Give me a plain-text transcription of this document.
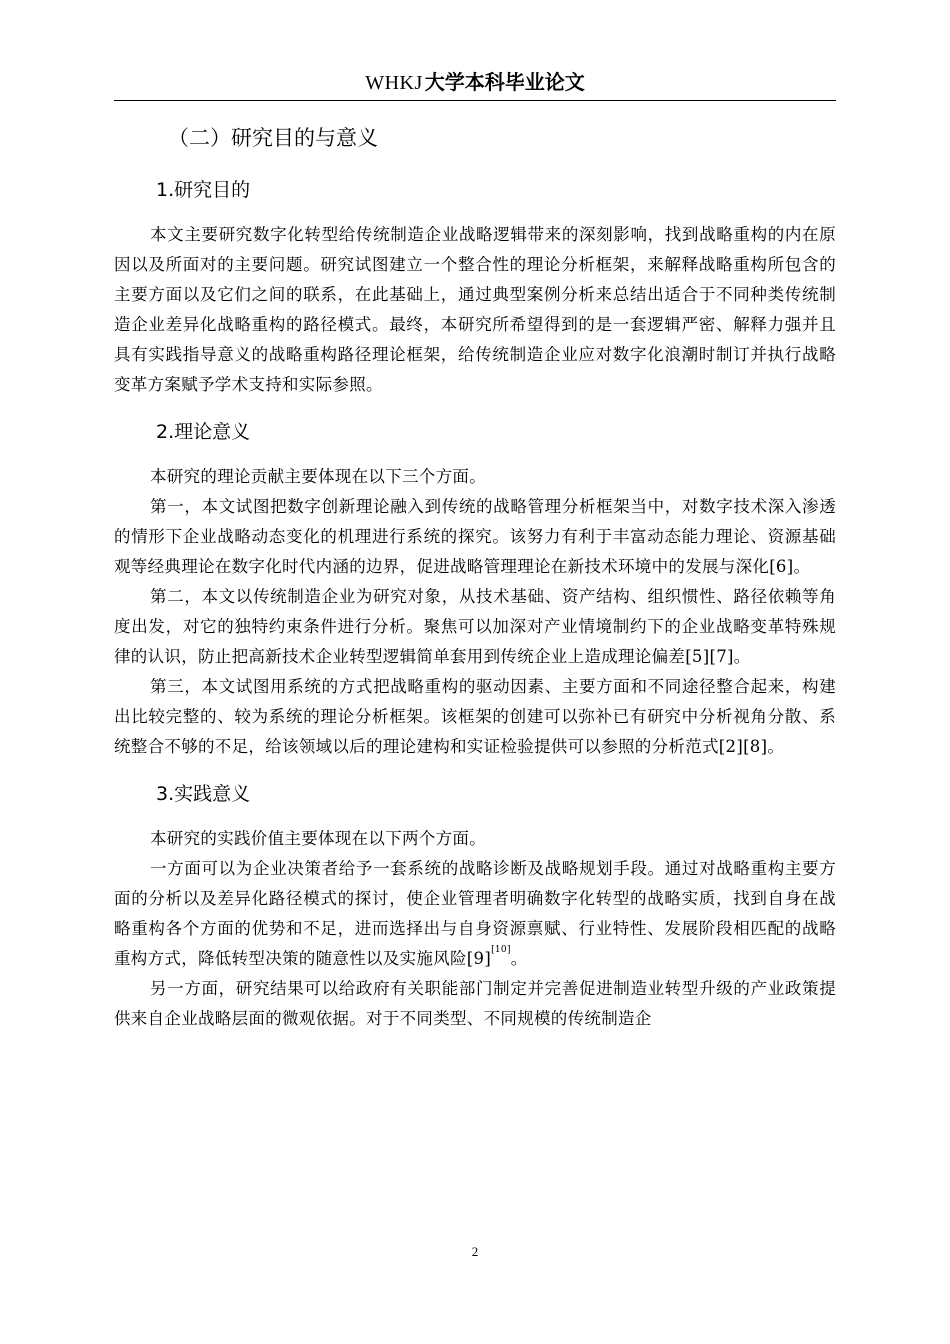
WHKJ 大学本科毕业论文
（二）研究目的与意义
1.研究目的

本文主要研究数字化转型给传统制造企业战略逻辑带来的深刻影响，找到战略重构的内在原因以及所面对的主要问题。研究试图建立一个整合性的理论分析框架，来解释战略重构所包含的主要方面以及它们之间的联系，在此基础上，通过典型案例分析来总结出适合于不同种类传统制造企业差异化战略重构的路径模式。最终，本研究所希望得到的是一套逻辑严密、解释力强并且具有实践指导意义的战略重构路径理论框架，给传统制造企业应对数字化浪潮时制订并执行战略变革方案赋予学术支持和实际参照。

2.理论意义

本研究的理论贡献主要体现在以下三个方面。

第一，本文试图把数字创新理论融入到传统的战略管理分析框架当中，对数字技术深入渗透的情形下企业战略动态变化的机理进行系统的探究。该努力有利于丰富动态能力理论、资源基础观等经典理论在数字化时代内涵的边界，促进战略管理理论在新技术环境中的发展与深化[6]。

第二，本文以传统制造企业为研究对象，从技术基础、资产结构、组织惯性、路径依赖等角度出发，对它的独特约束条件进行分析。聚焦可以加深对产业情境制约下的企业战略变革特殊规律的认识，防止把高新技术企业转型逻辑简单套用到传统企业上造成理论偏差[5][7]。

第三，本文试图用系统的方式把战略重构的驱动因素、主要方面和不同途径整合起来，构建出比较完整的、较为系统的理论分析框架。该框架的创建可以弥补已有研究中分析视角分散、系统整合不够的不足，给该领域以后的理论建构和实证检验提供可以参照的分析范式[2][8]。

3.实践意义

本研究的实践价值主要体现在以下两个方面。

一方面可以为企业决策者给予一套系统的战略诊断及战略规划手段。通过对战略重构主要方面的分析以及差异化路径模式的探讨，使企业管理者明确数字化转型的战略实质，找到自身在战略重构各个方面的优势和不足，进而选择出与自身资源禀赋、行业特性、发展阶段相匹配的战略重构方式，降低转型决策的随意性以及实施风险[9][10]。

另一方面，研究结果可以给政府有关职能部门制定并完善促进制造业转型升级的产业政策提供来自企业战略层面的微观依据。对于不同类型、不同规模的传统制造企

2
